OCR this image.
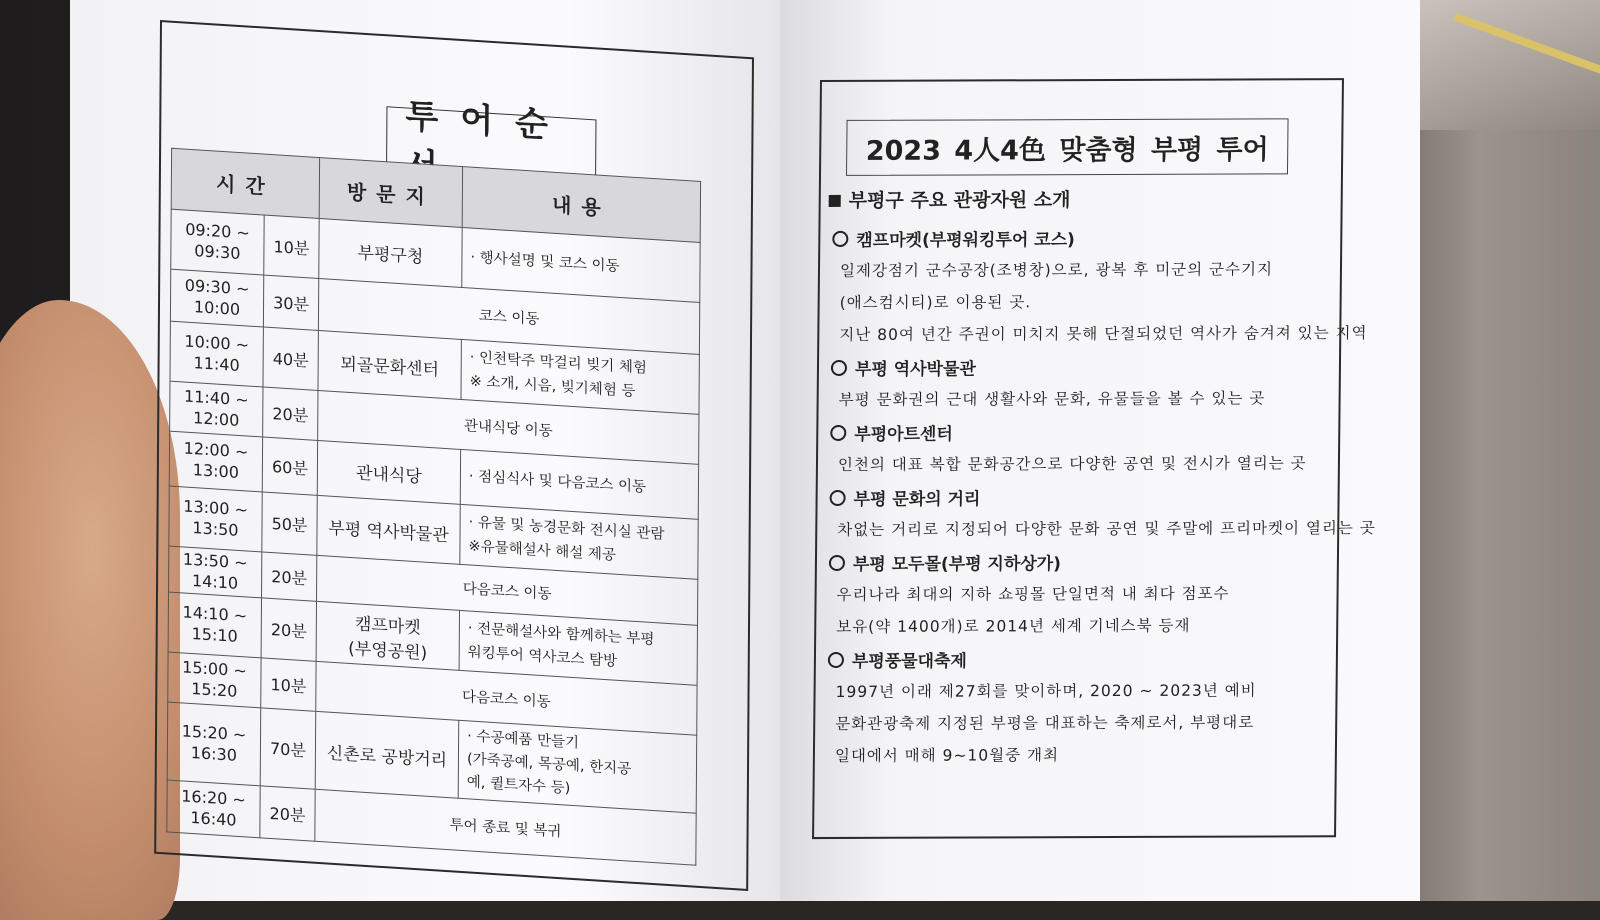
투어순서
시간		방문지	내용
09:20 ~
09:30	10분	부평구청	· 행사설명 및 코스 이동
09:30 ~
10:00	30분	코스 이동	
10:00 ~
11:40	40분	뫼골문화센터	· 인천탁주 막걸리 빚기 체험
※ 소개, 시음, 빚기체험 등
11:40 ~
12:00	20분	관내식당 이동	
12:00 ~
13:00	60분	관내식당	· 점심식사 및 다음코스 이동
13:00 ~
13:50	50분	부평 역사박물관	· 유물 및 농경문화 전시실 관람
※유물해설사 해설 제공
13:50 ~
14:10	20분	다음코스 이동	
14:10 ~
15:10	20분	캠프마켓
(부영공원)	· 전문해설사와 함께하는 부평
워킹투어 역사코스 탐방
15:00 ~
15:20	10분	다음코스 이동	
15:20 ~
16:30	70분	신촌로 공방거리	· 수공예품 만들기
(가죽공예, 목공예, 한지공
예, 퀼트자수 등)
16:20 ~
16:40	20분	투어 종료 및 복귀	
2023 4人4色 맞춤형 부평 투어
부평구 주요 관광자원 소개
캠프마켓(부평워킹투어 코스)
일제강점기 군수공장(조병창)으로, 광복 후 미군의 군수기지
(애스컴시티)로 이용된 곳.
지난 80여 년간 주권이 미치지 못해 단절되었던 역사가 숨겨져 있는 지역
부평 역사박물관
부평 문화권의 근대 생활사와 문화, 유물들을 볼 수 있는 곳
부평아트센터
인천의 대표 복합 문화공간으로 다양한 공연 및 전시가 열리는 곳
부평 문화의 거리
차없는 거리로 지정되어 다양한 문화 공연 및 주말에 프리마켓이 열리는 곳
부평 모두몰(부평 지하상가)
우리나라 최대의 지하 쇼핑몰 단일면적 내 최다 점포수
보유(약 1400개)로 2014년 세계 기네스북 등재
부평풍물대축제
1997년 이래 제27회를 맞이하며, 2020 ~ 2023년 예비
문화관광축제 지정된 부평을 대표하는 축제로서, 부평대로
일대에서 매해 9~10월중 개최
